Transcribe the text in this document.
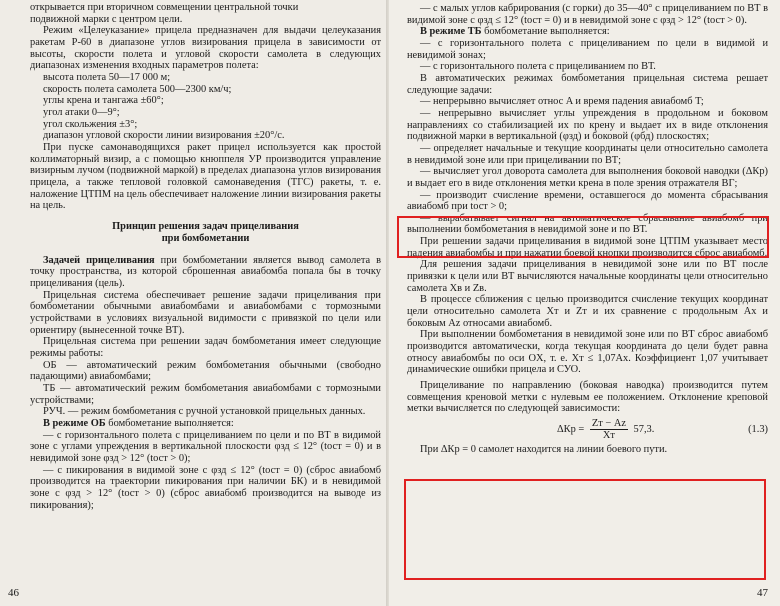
открывается при вторичном совмещении центральной точки

подвижной марки с центром цели.

Режим «Целеуказание» прицела предназначен для выдачи целеуказания ракетам Р-60 в диапазоне углов визирования прицела в зависимости от высоты, скорости полета и угловой скорости самолета в следующих диапазонах изменения входных параметров полета:

высота полета 50—17 000 м;

скорость полета самолета 500—2300 км/ч;

углы крена и тангажа ±60°;

угол атаки 0—9°;

угол скольжения ±3°;

диапазон угловой скорости линии визирования ±20°/с.

При пуске самонаводящихся ракет прицел используется как простой коллиматорный визир, а с помощью кнюппеля УР производится управление визирным лучом (подвижной маркой) в пределах диапазона углов визирования прицела, а также тепловой головкой самонаведения (ТГС) ракеты, т. е. наложение ЦТПМ на цель обеспечивает наложение линии визирования ракеты на цель.

Принцип решения задач прицеливания

при бомбометании

Задачей прицеливания при бомбометании является вывод самолета в точку пространства, из которой сброшенная авиабомба попала бы в точку прицеливания (цель).

Прицельная система обеспечивает решение задачи прицеливания при бомбометании обычными авиабомбами и авиабомбами с тормозными устройствами в условиях визуальной видимости с привязкой по цели или ориентиру (вынесенной точке ВТ).

Прицельная система при решении задач бомбометания имеет следующие режимы работы:

ОБ — автоматический режим бомбометания обычными (свободно падающими) авиабомбами;

ТБ — автоматический режим бомбометания авиабомбами с тормозными устройствами;

РУЧ. — режим бомбометания с ручной установкой прицельных данных.

В режиме ОБ бомбометание выполняется:

— с горизонтального полета с прицеливанием по цели и по ВТ в видимой зоне с углами упреждения в вертикальной плоскости φзд ≤ 12° (tост = 0) и в невидимой зоне φзд > 12° (tост > 0);

— с пикирования в видимой зоне с φзд ≤ 12° (tост = 0) (сброс авиабомб производится на траектории пикирования при наличии БК) и в невидимой зоне с φзд > 12° (tост > 0) (сброс авиабомб производится на выводе из пикирования);

46

— с малых углов кабрирования (с горки) до 35—40° с прицеливанием по ВТ в видимой зоне с φзд ≤ 12° (tост = 0) и в невидимой зоне с φзд > 12° (tост > 0).

В режиме ТБ бомбометание выполняется:

— с горизонтального полета с прицеливанием по цели в видимой и невидимой зонах;

— с горизонтального полета с прицеливанием по ВТ.

В автоматических режимах бомбометания прицельная система решает следующие задачи:

— непрерывно вычисляет относ A и время падения авиабомб T;

— непрерывно вычисляет углы упреждения в продольном и боковом направлениях со стабилизацией их по крену и выдает их в виде отклонения подвижной марки в вертикальной (φзд) и боковой (φбд) плоскостях;

— определяет начальные и текущие координаты цели относительно самолета в невидимой зоне или при прицеливании по ВТ;

— вычисляет угол доворота самолета для выполнения боковой наводки (ΔКр) и выдает его в виде отклонения метки крена в поле зрения отражателя ВГ;

— производит счисление времени, оставшегося до момента сбрасывания авиабомб при tост > 0;

— вырабатывает сигнал на автоматическое сбрасывание авиабомб при выполнении бомбометания в невидимой зоне и по ВТ.

При решении задачи прицеливания в видимой зоне ЦТПМ указывает место падения авиабомбы и при нажатии боевой кнопки производится сброс авиабомб.

Для решения задачи прицеливания в невидимой зоне или по ВТ после привязки к цели или ВТ вычисляются начальные координаты цели относительно самолета Xв и Zв.

В процессе сближения с целью производится счисление текущих координат цели относительно самолета Xт и Zт и их сравнение с продольным Aх и боковым Az относами авиабомб.

При выполнении бомбометания в невидимой зоне или по ВТ сброс авиабомб производится автоматически, когда текущая координата до цели будет равна относу авиабомбы по оси OX, т. е. Xт ≤ 1,07Aх. Коэффициент 1,07 учитывает динамические ошибки прицела и СУО.

Прицеливание по направлению (боковая наводка) производится путем совмещения креновой метки с нулевым ее положением. Отклонение креповой метки вычисляется по следующей зависимости:

$\Delta Кр = \frac{Zт - Az}{Xт} 57,3$.	(1.3)

При ΔКр = 0 самолет находится на линии боевого пути.

47
